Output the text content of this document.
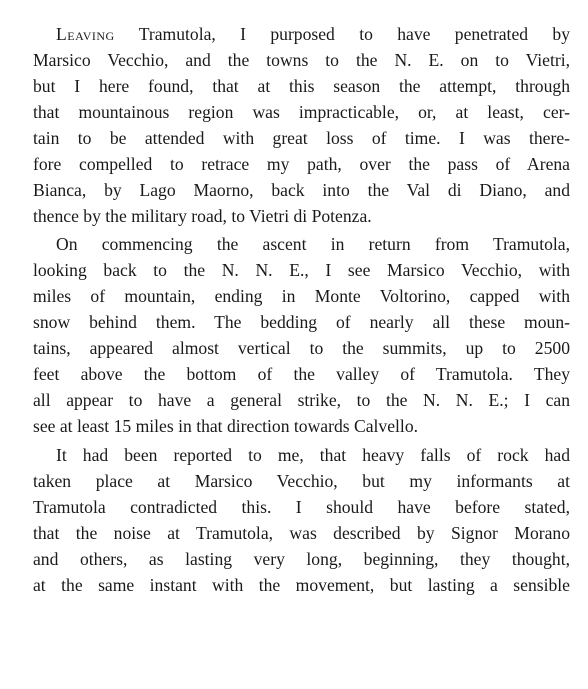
Leaving Tramutola, I purposed to have penetrated by
Marsico Vecchio, and the towns to the N. E. on to Vietri,
but I here found, that at this season the attempt, through
that mountainous region was impracticable, or, at least, cer-
tain to be attended with great loss of time. I was there-
fore compelled to retrace my path, over the pass of Arena
Bianca, by Lago Maorno, back into the Val di Diano, and
thence by the military road, to Vietri di Potenza.
On commencing the ascent in return from Tramutola,
looking back to the N. N. E., I see Marsico Vecchio, with
miles of mountain, ending in Monte Voltorino, capped with
snow behind them. The bedding of nearly all these moun-
tains, appeared almost vertical to the summits, up to 2500
feet above the bottom of the valley of Tramutola. They
all appear to have a general strike, to the N. N. E.; I can
see at least 15 miles in that direction towards Calvello.
It had been reported to me, that heavy falls of rock had
taken place at Marsico Vecchio, but my informants at
Tramutola contradicted this. I should have before stated,
that the noise at Tramutola, was described by Signor Morano
and others, as lasting very long, beginning, they thought,
at the same instant with the movement, but lasting a sensible
